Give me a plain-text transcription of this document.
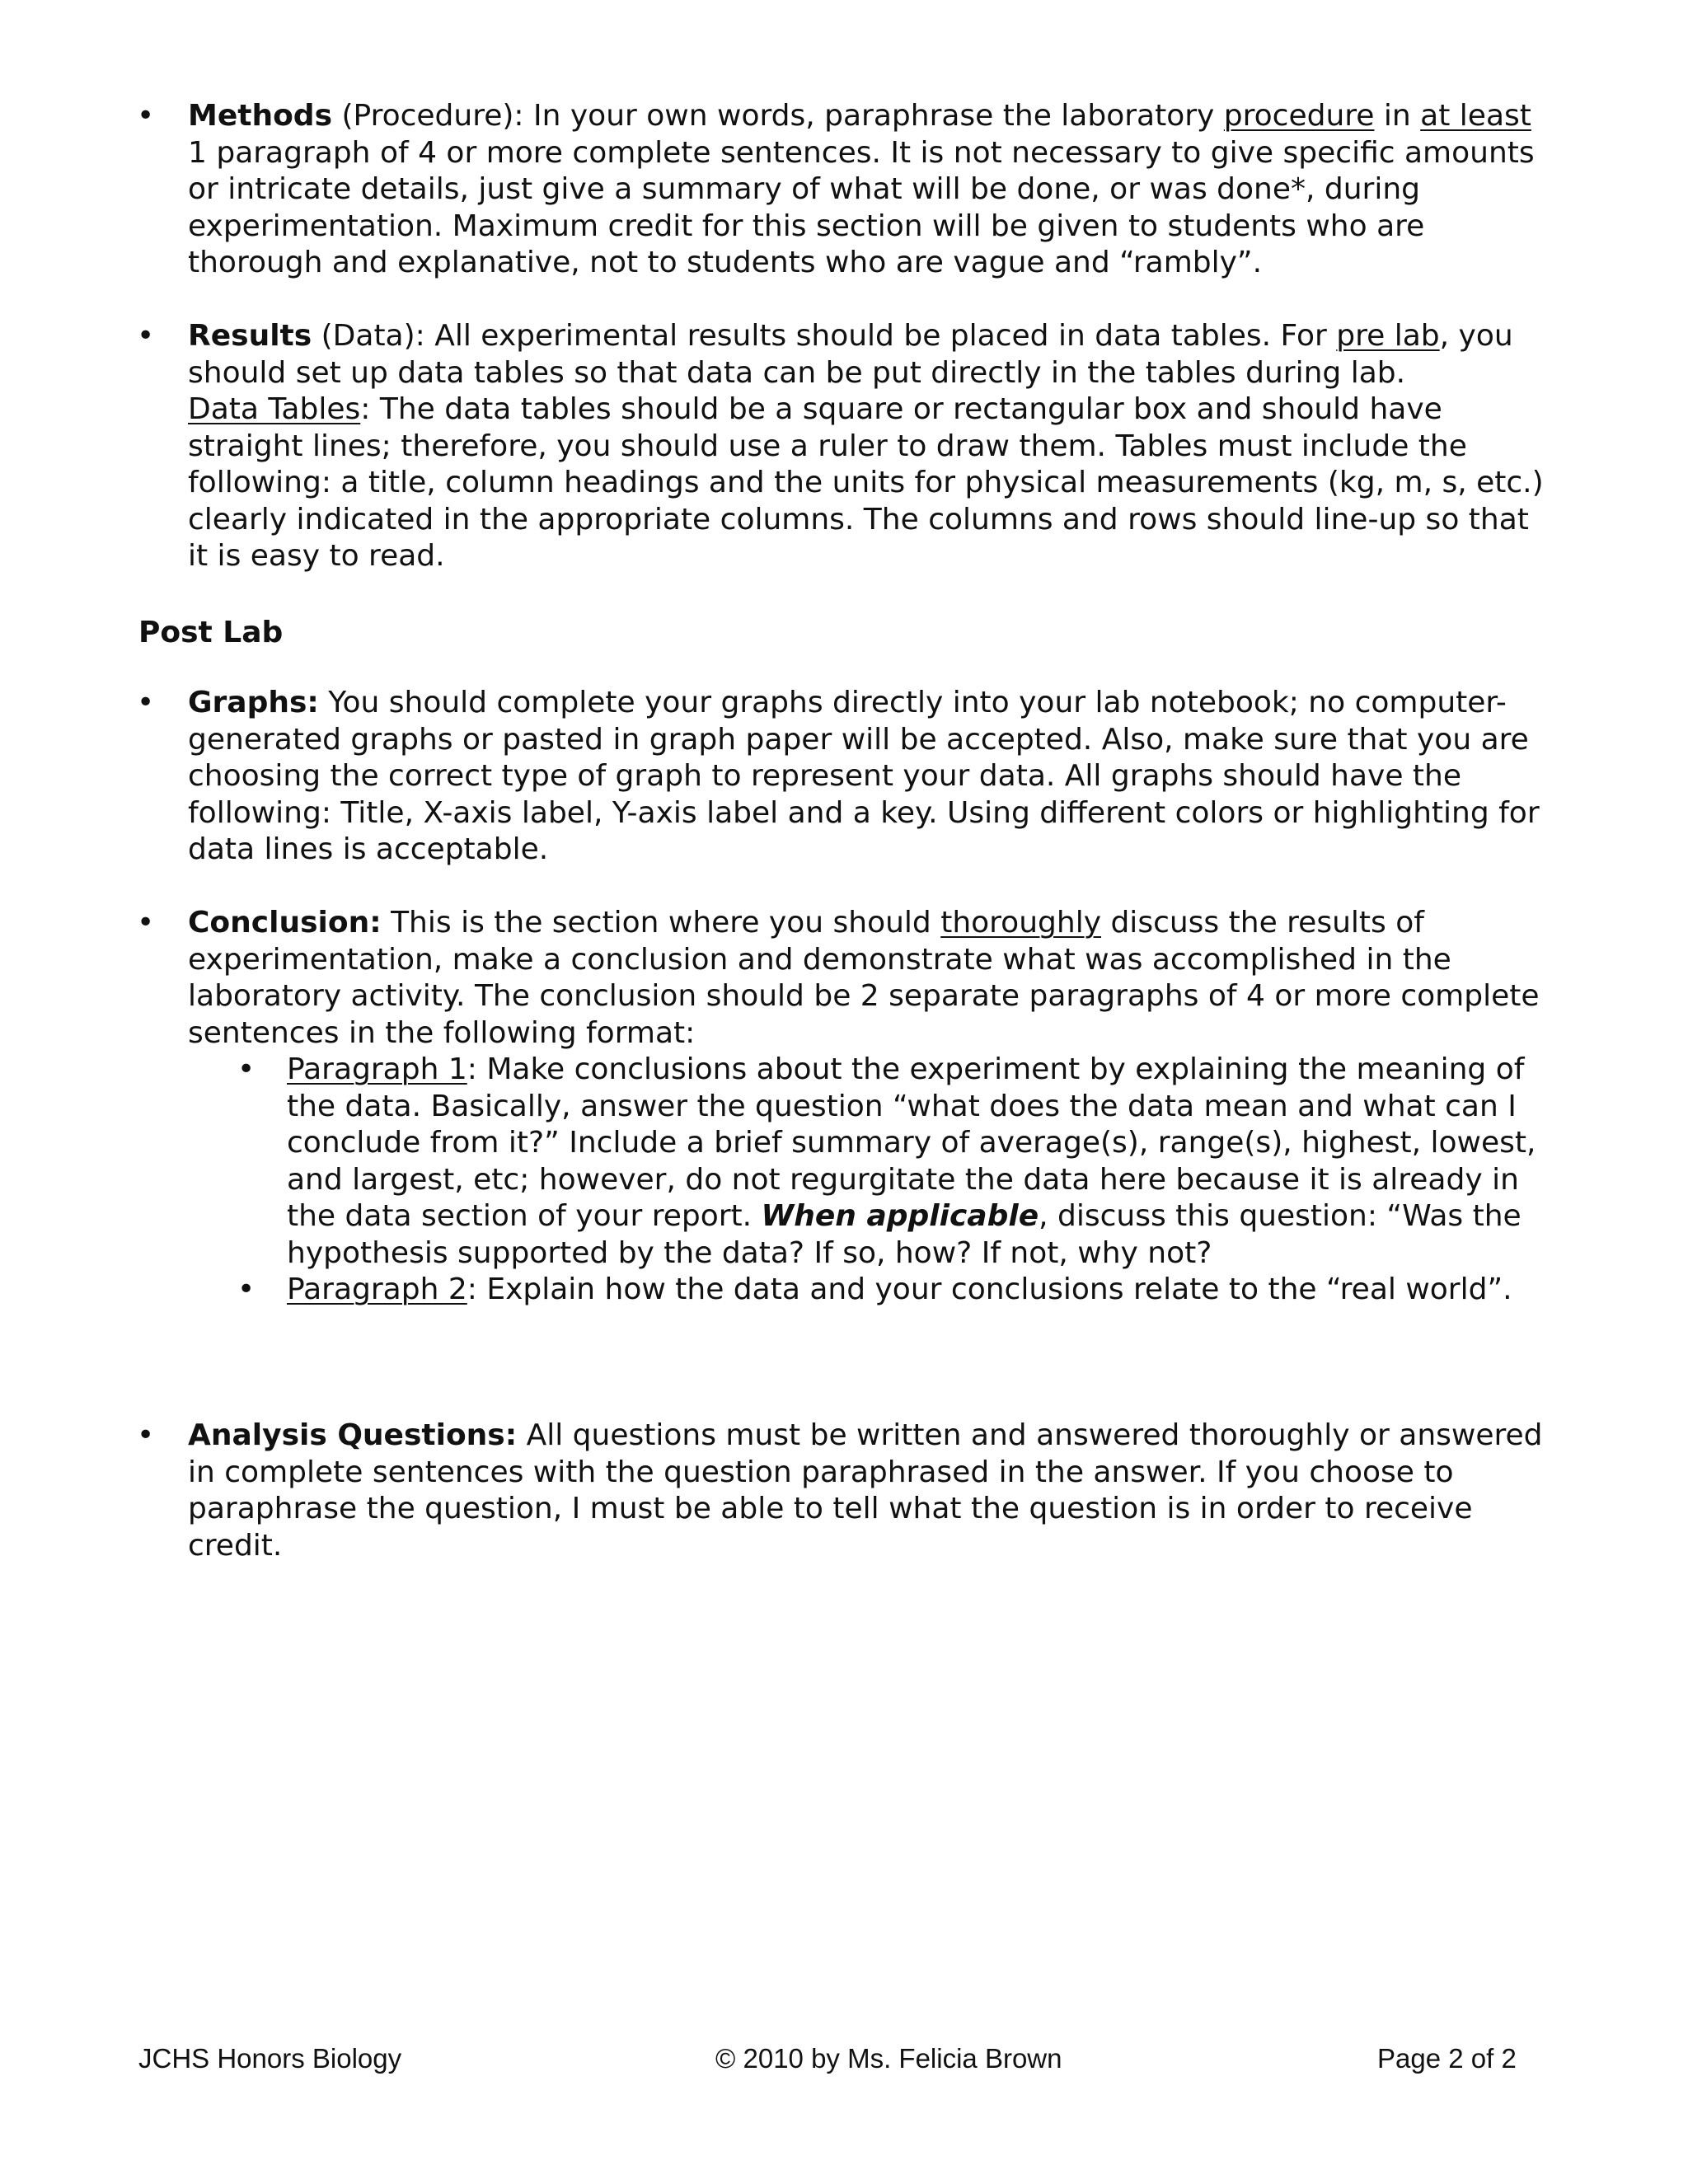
• Methods (Procedure): In your own words, paraphrase the laboratory procedure in at least 1 paragraph of 4 or more complete sentences. It is not necessary to give specific amounts or intricate details, just give a summary of what will be done, or was done*, during experimentation. Maximum credit for this section will be given to students who are thorough and explanative, not to students who are vague and “rambly”.
• Results (Data): All experimental results should be placed in data tables. For pre lab, you should set up data tables so that data can be put directly in the tables during lab.
Data Tables: The data tables should be a square or rectangular box and should have straight lines; therefore, you should use a ruler to draw them. Tables must include the following: a title, column headings and the units for physical measurements (kg, m, s, etc.) clearly indicated in the appropriate columns. The columns and rows should line-up so that it is easy to read.
Post Lab
• Graphs: You should complete your graphs directly into your lab notebook; no computer-generated graphs or pasted in graph paper will be accepted. Also, make sure that you are choosing the correct type of graph to represent your data. All graphs should have the following: Title, X-axis label, Y-axis label and a key. Using different colors or highlighting for data lines is acceptable.
• Conclusion: This is the section where you should thoroughly discuss the results of experimentation, make a conclusion and demonstrate what was accomplished in the laboratory activity. The conclusion should be 2 separate paragraphs of 4 or more complete sentences in the following format:
• Paragraph 1: Make conclusions about the experiment by explaining the meaning of the data. Basically, answer the question “what does the data mean and what can I conclude from it?” Include a brief summary of average(s), range(s), highest, lowest, and largest, etc; however, do not regurgitate the data here because it is already in the data section of your report. When applicable, discuss this question: “Was the hypothesis supported by the data? If so, how? If not, why not?
• Paragraph 2: Explain how the data and your conclusions relate to the “real world”.
• Analysis Questions: All questions must be written and answered thoroughly or answered in complete sentences with the question paraphrased in the answer. If you choose to paraphrase the question, I must be able to tell what the question is in order to receive credit.
JCHS Honors Biology	© 2010 by Ms. Felicia Brown	Page 2 of 2
